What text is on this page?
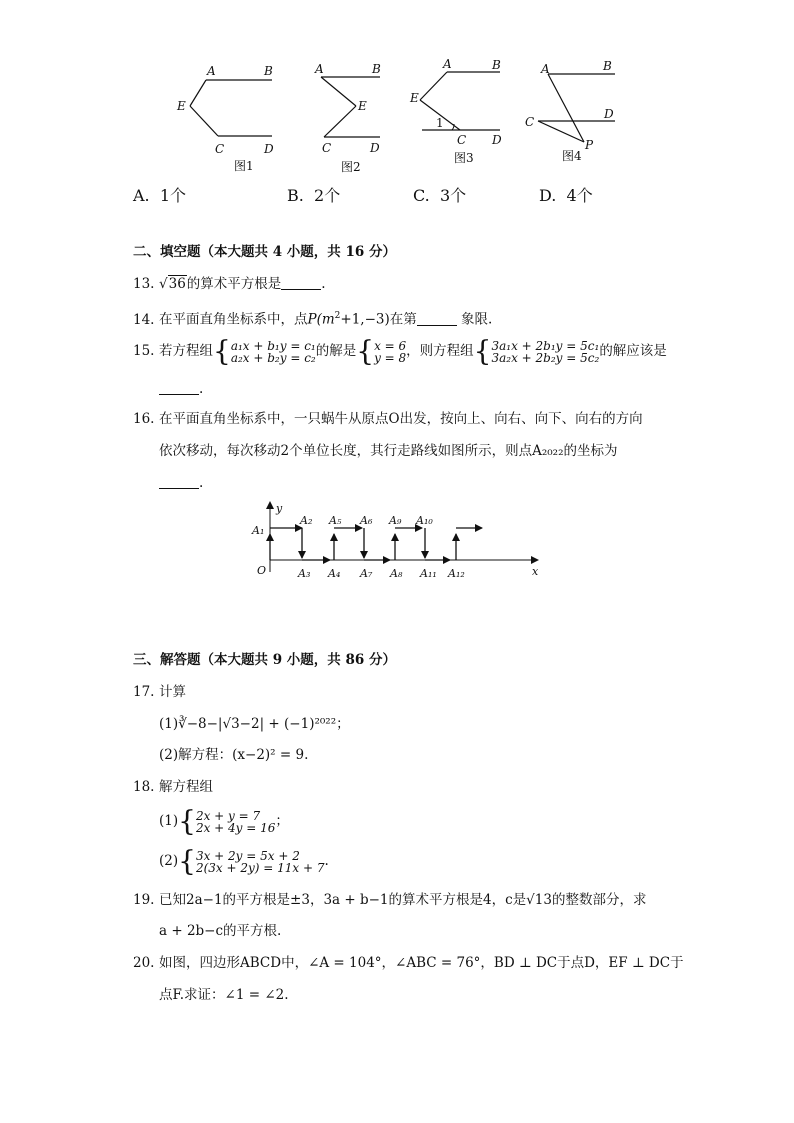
A	B
E
C	D
图1
A	B
E
C	D
图2
A	B
E
1
C D
图3
A	B
C
D
P
图4
A. 1个	B. 2个	C. 3个	D. 4个
二、填空题（本大题共 4 小题，共 16 分）
13. √36的算术平方根是	.
14. 在平面直角坐标系中，点$P(m^2+1,-3)$在第	象限.
15. 若方程组{a₁x + b₁y = c₁
a₂x + b₂y = c₂的解是{x = 6
y = 8，则方程组{3a₁x + 2b₁y = 5c₁
3a₂x + 2b₂y = 5c₂的解应该是
.
16. 在平面直角坐标系中，一只蜗牛从原点O出发，按向上、向右、向下、向右的方向
依次移动，每次移动2个单位长度，其行走路线如图所示，则点A₂₀₂₂的坐标为
.
x
y
O
A₁
A₂ A₅ A₆ A₉ A₁₀
A₃ A₄ A₇ A₈ A₁₁ A₁₂
三、解答题（本大题共 9 小题，共 86 分）
17. 计算
(1)∛−8−|√3−2| + (−1)²⁰²²；
(2)解方程：(x−2)² = 9.
18. 解方程组
(1){2x + y = 7
2x + 4y = 16；
(2){3x + 2y = 5x + 2
2(3x + 2y) = 11x + 7.
19. 已知2a−1的平方根是±3，3a + b−1的算术平方根是4，c是√13的整数部分，求
a + 2b−c的平方根.
20. 如图，四边形ABCD中，∠A = 104°，∠ABC = 76°，BD ⊥ DC于点D，EF ⊥ DC于
点F.求证：∠1 = ∠2.
